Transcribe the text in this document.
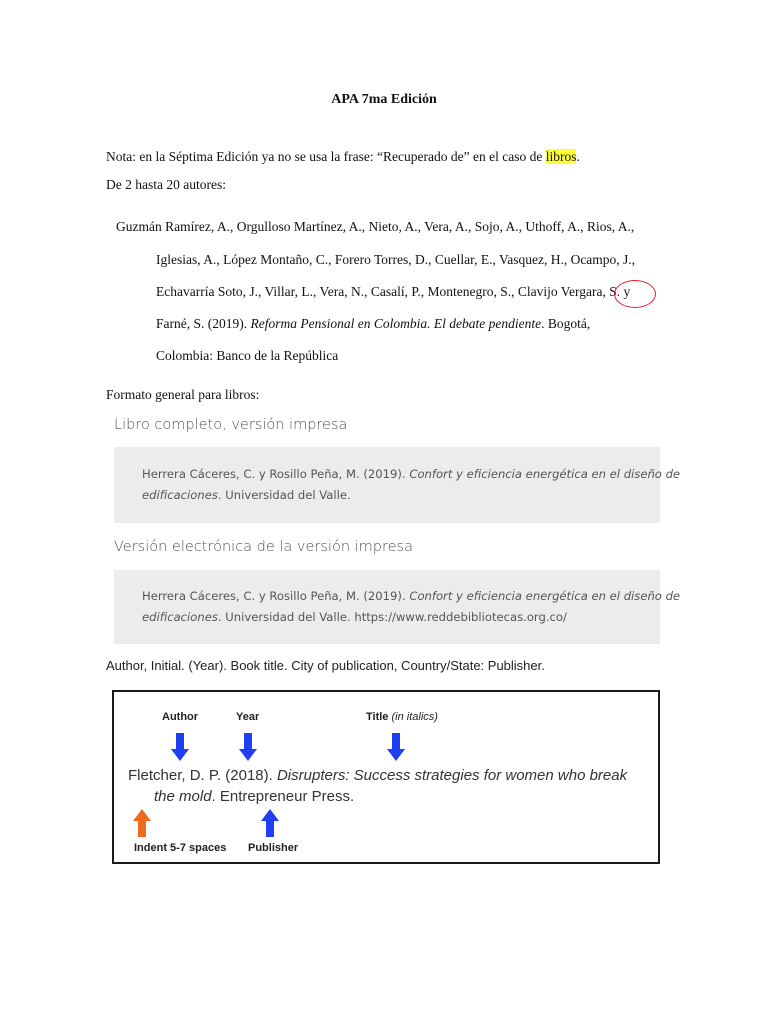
APA 7ma Edición
Nota: en la Séptima Edición ya no se usa la frase: “Recuperado de” en el caso de libros.
De 2 hasta 20 autores:
Guzmán Ramírez, A., Orgulloso Martínez, A., Nieto, A., Vera, A., Sojo, A., Uthoff, A., Rios, A.,
Iglesias, A., López Montaño, C., Forero Torres, D., Cuellar, E., Vasquez, H., Ocampo, J.,
Echavarría Soto, J., Villar, L., Vera, N., Casalí, P., Montenegro, S., Clavijo Vergara, S. y
Farné, S. (2019). Reforma Pensional en Colombia. El debate pendiente. Bogotá,
Colombia: Banco de la República
Formato general para libros:
Libro completo, versión impresa
Herrera Cáceres, C. y Rosillo Peña, M. (2019). Confort y eficiencia energética en el diseño de
edificaciones. Universidad del Valle.
Versión electrónica de la versión impresa
Herrera Cáceres, C. y Rosillo Peña, M. (2019). Confort y eficiencia energética en el diseño de
edificaciones. Universidad del Valle. https://www.reddebibliotecas.org.co/
Author, Initial. (Year). Book title. City of publication, Country/State: Publisher.
Author	Year	Title (in italics)
Fletcher, D. P. (2018). Disrupters: Success strategies for women who break
the mold. Entrepreneur Press.
Indent 5-7 spaces Publisher
